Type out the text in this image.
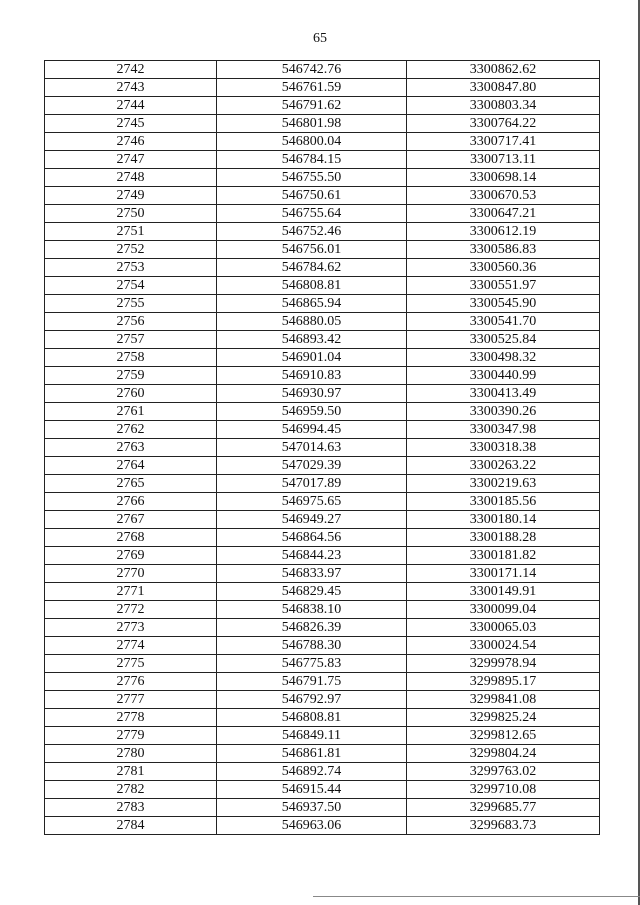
65
2742	546742.76	3300862.62
2743	546761.59	3300847.80
2744	546791.62	3300803.34
2745	546801.98	3300764.22
2746	546800.04	3300717.41
2747	546784.15	3300713.11
2748	546755.50	3300698.14
2749	546750.61	3300670.53
2750	546755.64	3300647.21
2751	546752.46	3300612.19
2752	546756.01	3300586.83
2753	546784.62	3300560.36
2754	546808.81	3300551.97
2755	546865.94	3300545.90
2756	546880.05	3300541.70
2757	546893.42	3300525.84
2758	546901.04	3300498.32
2759	546910.83	3300440.99
2760	546930.97	3300413.49
2761	546959.50	3300390.26
2762	546994.45	3300347.98
2763	547014.63	3300318.38
2764	547029.39	3300263.22
2765	547017.89	3300219.63
2766	546975.65	3300185.56
2767	546949.27	3300180.14
2768	546864.56	3300188.28
2769	546844.23	3300181.82
2770	546833.97	3300171.14
2771	546829.45	3300149.91
2772	546838.10	3300099.04
2773	546826.39	3300065.03
2774	546788.30	3300024.54
2775	546775.83	3299978.94
2776	546791.75	3299895.17
2777	546792.97	3299841.08
2778	546808.81	3299825.24
2779	546849.11	3299812.65
2780	546861.81	3299804.24
2781	546892.74	3299763.02
2782	546915.44	3299710.08
2783	546937.50	3299685.77
2784	546963.06	3299683.73
